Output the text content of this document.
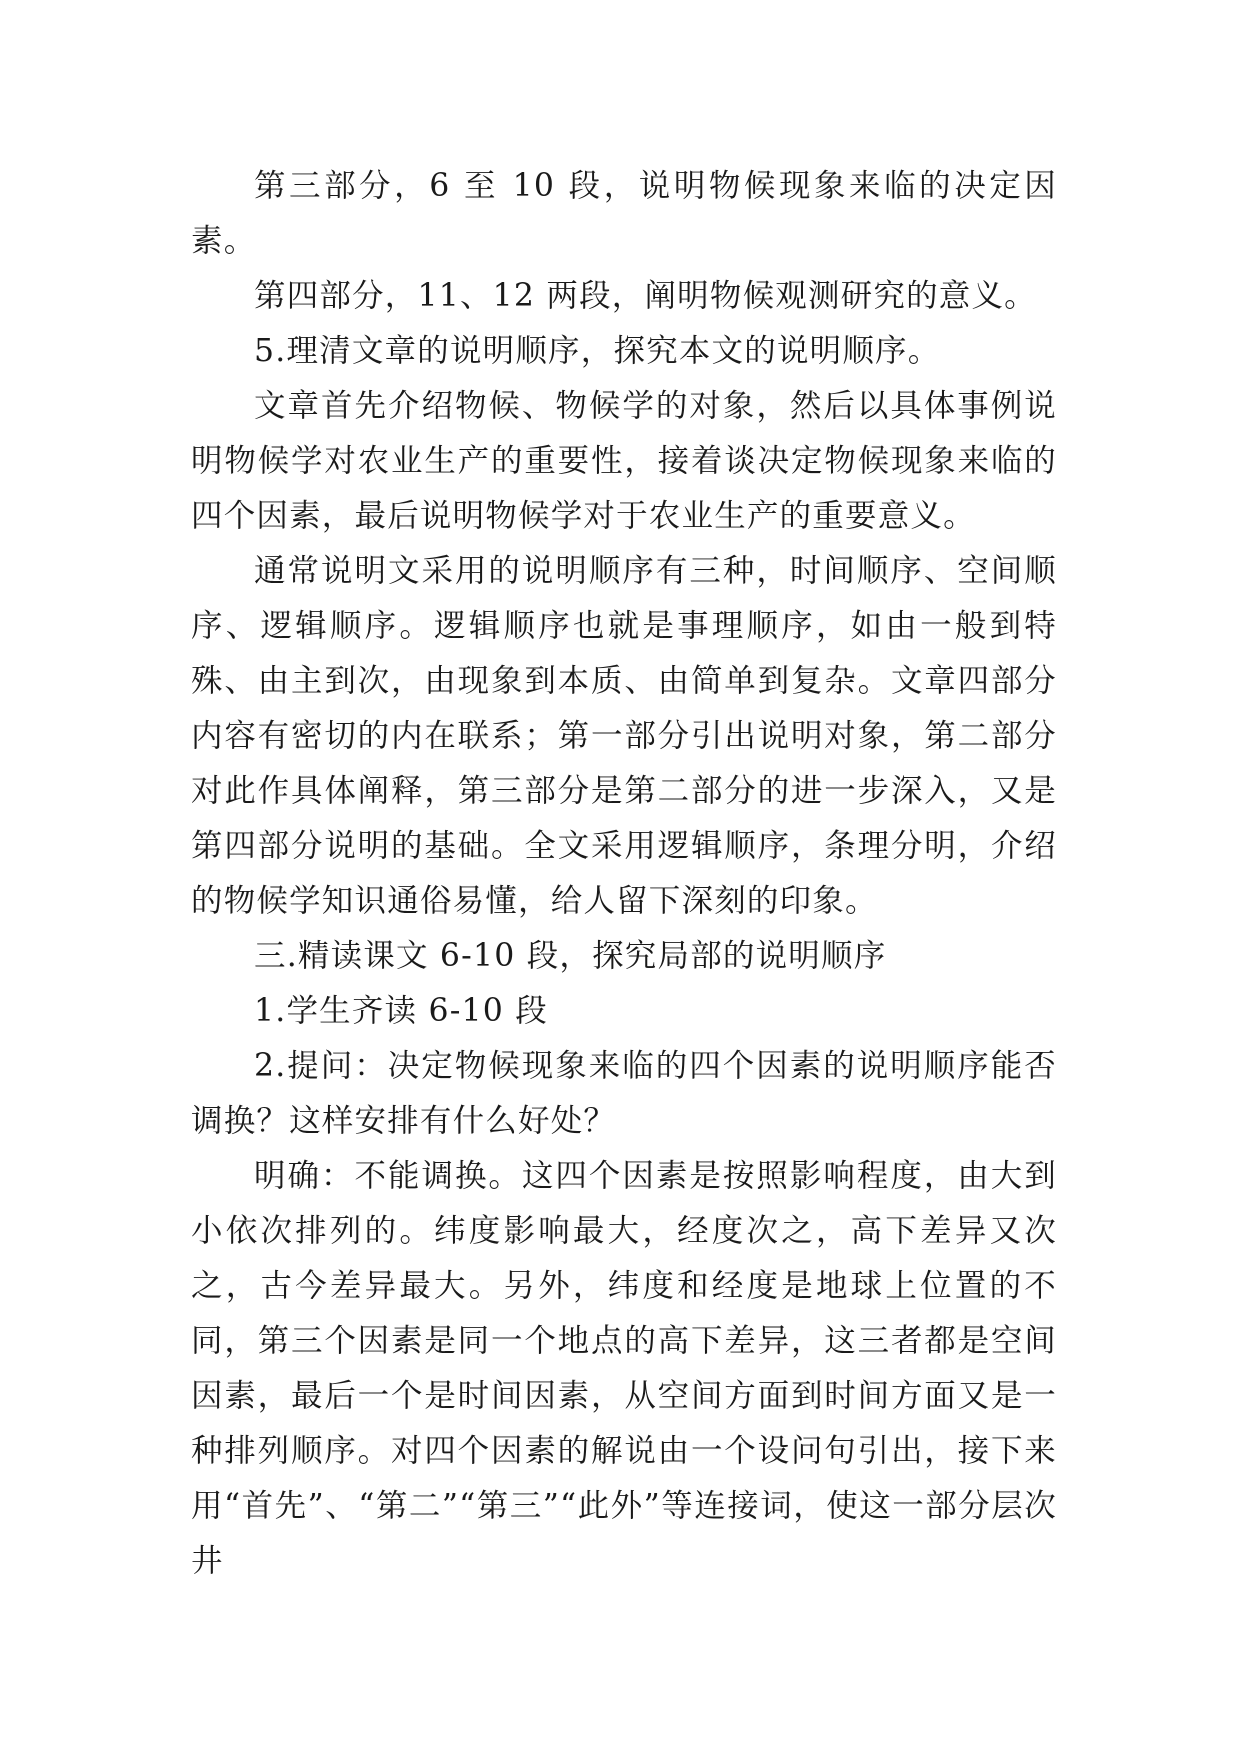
第三部分，6 至 10 段，说明物候现象来临的决定因素。

第四部分，11、12 两段，阐明物候观测研究的意义。

5.理清文章的说明顺序，探究本文的说明顺序。

文章首先介绍物候、物候学的对象，然后以具体事例说明物候学对农业生产的重要性，接着谈决定物候现象来临的四个因素，最后说明物候学对于农业生产的重要意义。

通常说明文采用的说明顺序有三种，时间顺序、空间顺序、逻辑顺序。逻辑顺序也就是事理顺序，如由一般到特殊、由主到次，由现象到本质、由简单到复杂。文章四部分内容有密切的内在联系；第一部分引出说明对象，第二部分对此作具体阐释，第三部分是第二部分的进一步深入，又是第四部分说明的基础。全文采用逻辑顺序，条理分明，介绍的物候学知识通俗易懂，给人留下深刻的印象。

三.精读课文 6-10 段，探究局部的说明顺序

1.学生齐读 6-10 段

2.提问：决定物候现象来临的四个因素的说明顺序能否调换？这样安排有什么好处？

明确：不能调换。这四个因素是按照影响程度，由大到小依次排列的。纬度影响最大，经度次之，高下差异又次之，古今差异最大。另外，纬度和经度是地球上位置的不同，第三个因素是同一个地点的高下差异，这三者都是空间因素，最后一个是时间因素，从空间方面到时间方面又是一种排列顺序。对四个因素的解说由一个设问句引出，接下来用“首先”、“第二”“第三”“此外”等连接词，使这一部分层次井
